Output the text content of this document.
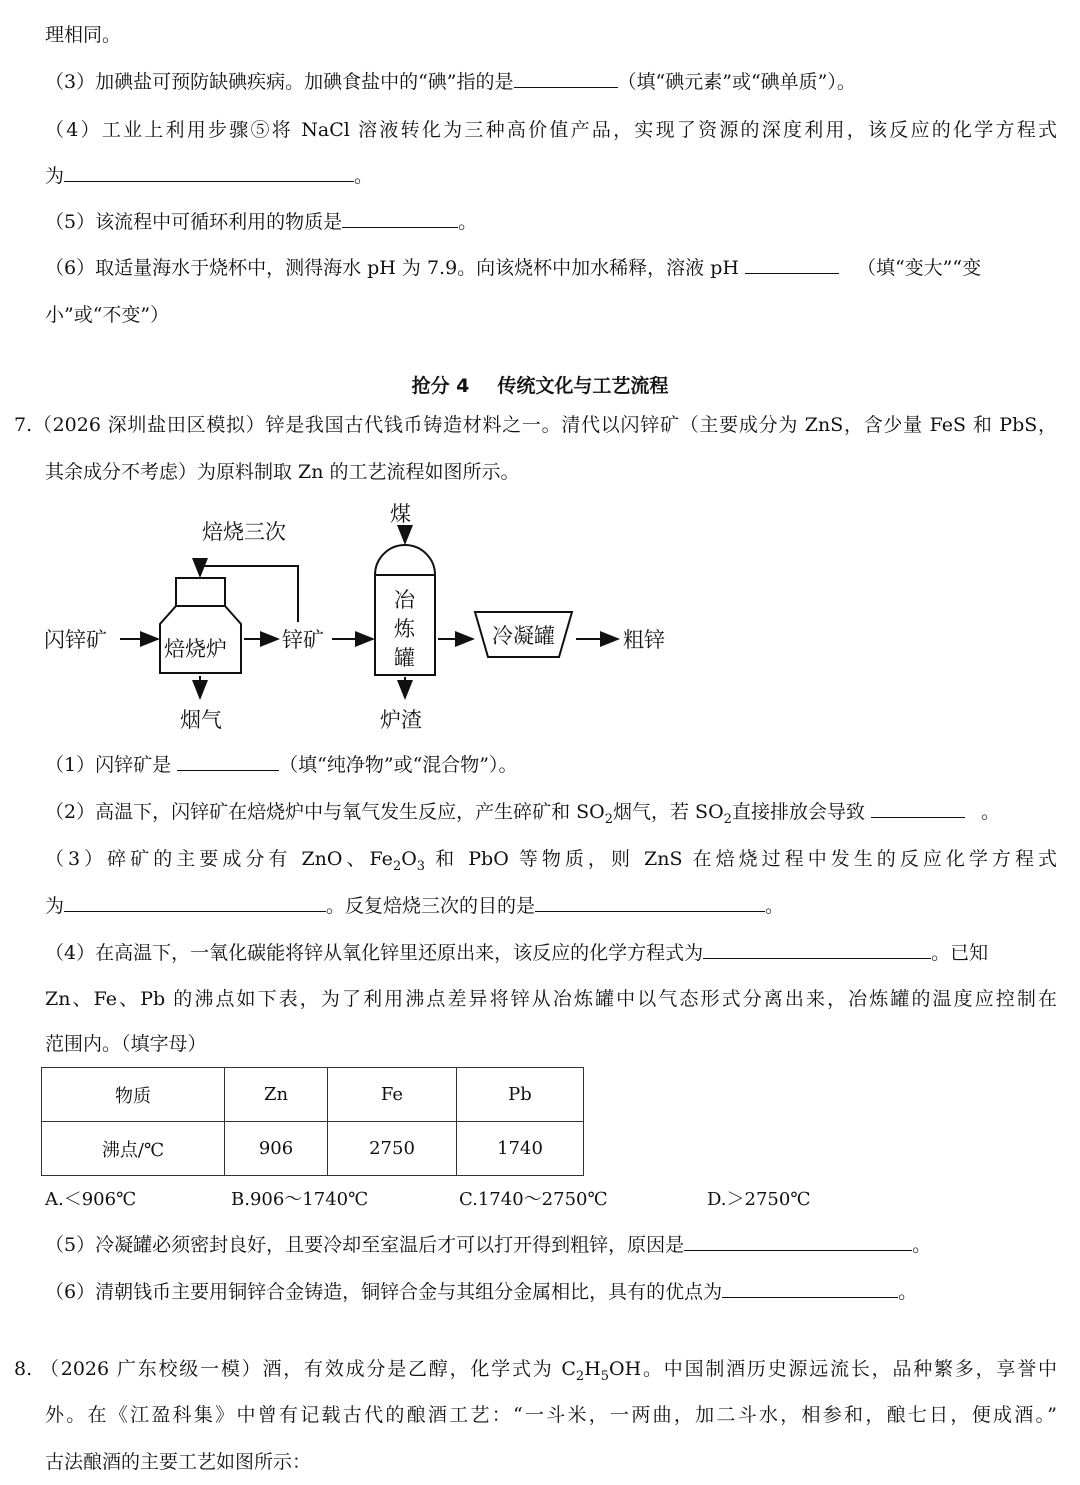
理相同。
（3）加碘盐可预防缺碘疾病。加碘食盐中的“碘”指的是	（填“碘元素”或“碘单质”）。
（4）工业上利用步骤⑤将 NaCl 溶液转化为三种高价值产品，实现了资源的深度利用，该反应的化学方程式
为	。
（5）该流程中可循环利用的物质是	。
（6）取适量海水于烧杯中，测得海水 pH 为 7.9。向该烧杯中加水稀释，溶液 pH	（填“变大”“变
小”或“不变”）
抢分 4 传统文化与工艺流程
7.（2026 深圳盐田区模拟）锌是我国古代钱币铸造材料之一。清代以闪锌矿（主要成分为 ZnS，含少量 FeS 和 PbS，
其余成分不考虑）为原料制取 Zn 的工艺流程如图所示。
焙烧炉
冶
炼
罐
冷凝罐
闪锌矿	锌矿
焙烧三次
煤
粗锌
烟气	炉渣
（1）闪锌矿是	（填“纯净物”或“混合物”）。
（2）高温下，闪锌矿在焙烧炉中与氧气发生反应，产生碎矿和 $SO_2$烟气，若 $SO_2$直接排放会导致	。
（3）碎矿的主要成分有 ZnO、$Fe_2O_3$ 和 PbO 等物质，则 ZnS 在焙烧过程中发生的反应化学方程式
为	。反复焙烧三次的目的是	。
（4）在高温下，一氧化碳能将锌从氧化锌里还原出来，该反应的化学方程式为	。已知
Zn、Fe、Pb 的沸点如下表，为了利用沸点差异将锌从冶炼罐中以气态形式分离出来，冶炼罐的温度应控制在
范围内。（填字母）
物质	Zn	Fe	Pb
沸点/℃	906	2750	1740
A.＜906℃	B.906～1740℃	C.1740～2750℃	D.＞2750℃
（5）冷凝罐必须密封良好，且要冷却至室温后才可以打开得到粗锌，原因是	。
（6）清朝钱币主要用铜锌合金铸造，铜锌合金与其组分金属相比，具有的优点为	。
8. （2026 广东校级一模）酒，有效成分是乙醇，化学式为 $C_2H_5OH$。中国制酒历史源远流长，品种繁多，享誉中
外。在《江盈科集》中曾有记载古代的酿酒工艺：“一斗米，一两曲，加二斗水，相参和，酿七日，便成酒。”
古法酿酒的主要工艺如图所示：
